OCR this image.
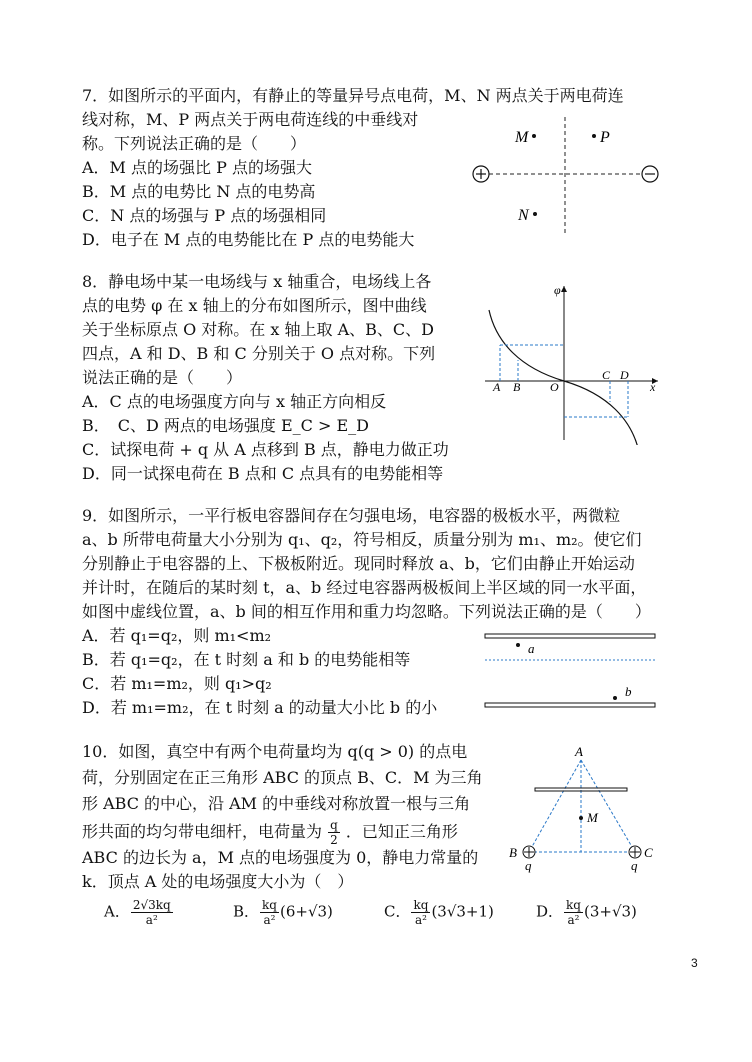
7．如图所示的平面内，有静止的等量异号点电荷，M、N 两点关于两电荷连
线对称，M、P 两点关于两电荷连线的中垂线对
称。下列说法正确的是（　　）
A．M 点的场强比 P 点的场强大
B．M 点的电势比 N 点的电势高
C．N 点的场强与 P 点的场强相同
D．电子在 M 点的电势能比在 P 点的电势能大
M	P
N
8．静电场中某一电场线与 x 轴重合，电场线上各
点的电势 φ 在 x 轴上的分布如图所示，图中曲线
关于坐标原点 O 对称。在 x 轴上取 A、B、C、D
四点，A 和 D、B 和 C 分别关于 O 点对称。下列
说法正确的是（　　）
A．C 点的电场强度方向与 x 轴正方向相反
B．　C、D 两点的电场强度 E_C > E_D
C．试探电荷 + q 从 A 点移到 B 点，静电力做正功
D．同一试探电荷在 B 点和 C 点具有的电势能相等
φ
x
O
A B
C D
9．如图所示，一平行板电容器间存在匀强电场，电容器的极板水平，两微粒
a、b 所带电荷量大小分别为 q₁、q₂，符号相反，质量分别为 m₁、m₂。使它们
分别静止于电容器的上、下极板附近。现同时释放 a、b，它们由静止开始运动
并计时，在随后的某时刻 t，a、b 经过电容器两极板间上半区域的同一水平面，
如图中虚线位置，a、b 间的相互作用和重力均忽略。下列说法正确的是（　　）
A．若 q₁=q₂，则 m₁<m₂
B．若 q₁=q₂，在 t 时刻 a 和 b 的电势能相等
C．若 m₁=m₂，则 q₁>q₂
D．若 m₁=m₂，在 t 时刻 a 的动量大小比 b 的小
a
b
10．如图，真空中有两个电荷量均为 q(q > 0) 的点电
荷，分别固定在正三角形 ABC 的顶点 B、C．M 为三角
形 ABC 的中心，沿 AM 的中垂线对称放置一根与三角
形共面的均匀带电细杆，电荷量为 $\frac{q}{2}$ ．已知正三角形
ABC 的边长为 a，M 点的电场强度为 0，静电力常量的
k．顶点 A 处的电场强度大小为（　）
A． $\frac{2√3kq}{\text{a²}}$	B． $\frac{kq}{\text{a²}} (6+√3)$	C． $\frac{kq}{\text{a²}} (3√3+1)$	D． $\frac{kq}{\text{a²}} (3+√3)$
A
M
B	C
q	q
3
